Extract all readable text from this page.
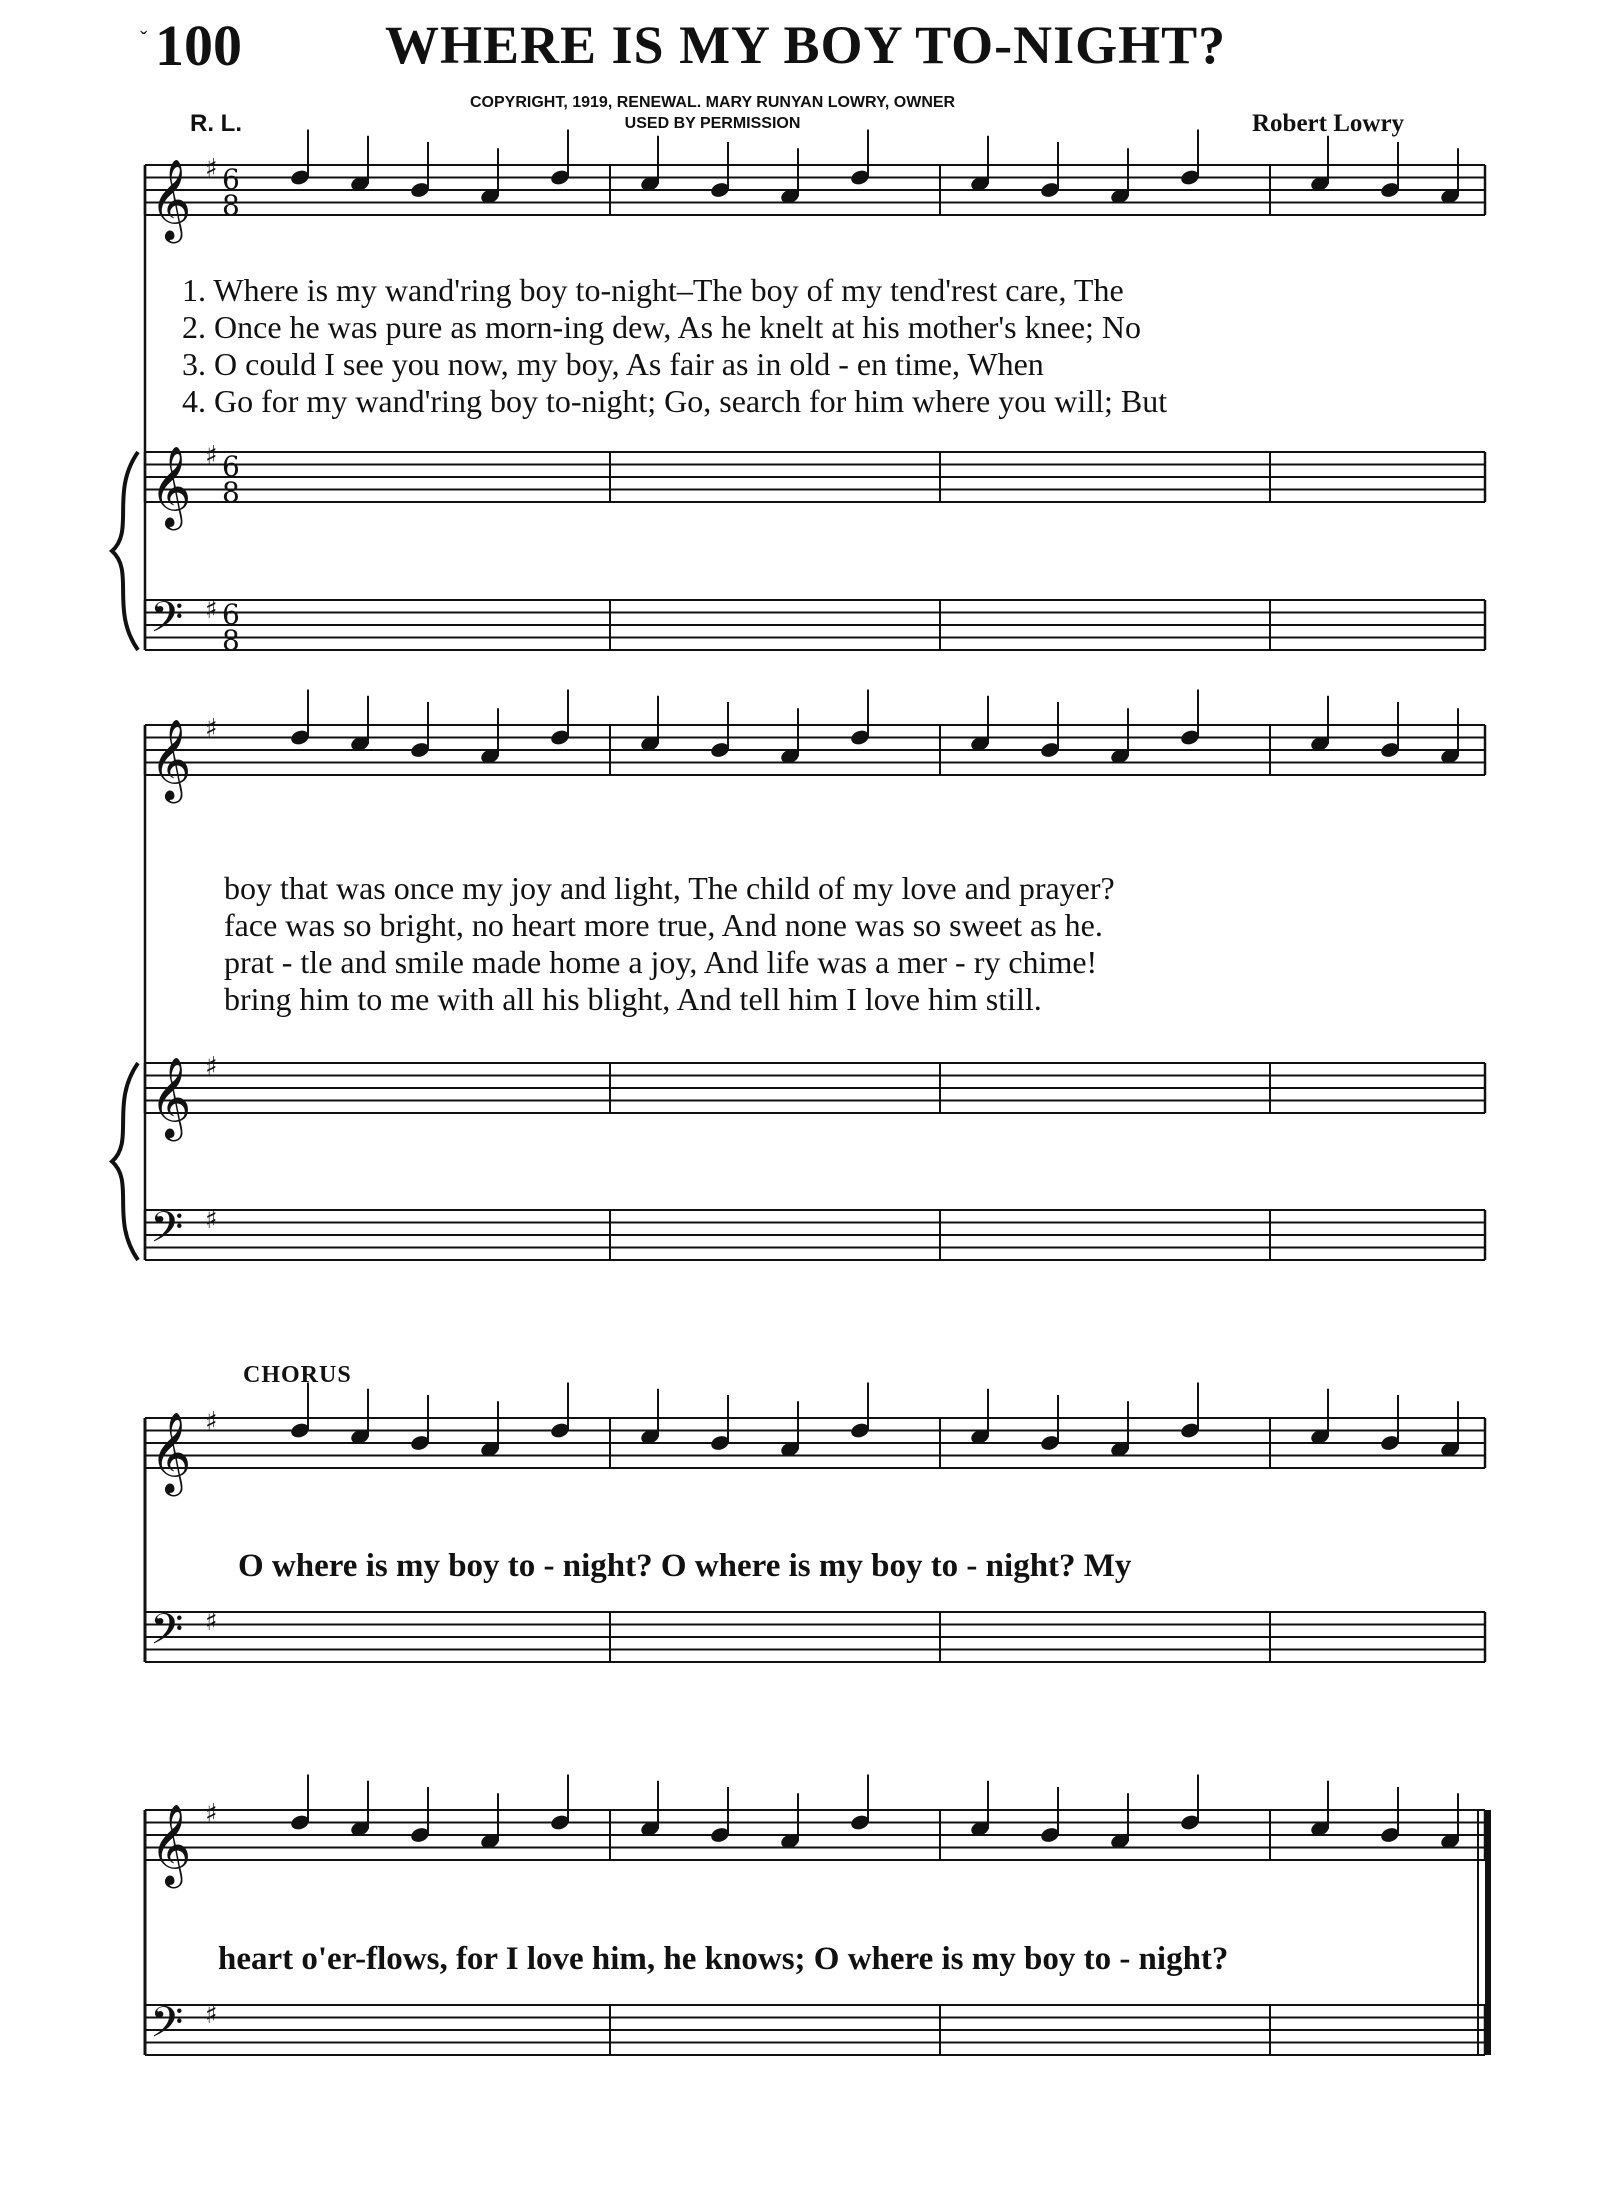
ˇ 100	WHERE IS MY BOY TO-NIGHT?
COPYRIGHT, 1919, RENEWAL. MARY RUNYAN LOWRY, OWNER
USED BY PERMISSION
R. L.	Robert Lowry
𝄞 ♯
𝄞 ♯
𝄢 ♯
6
8
6
8
6
8
𝄞 ♯
𝄞 ♯
𝄢 ♯
𝄞 ♯
𝄢 ♯
𝄞 ♯
𝄢 ♯
1. Where is my wand'ring boy to-night–The boy of my tend'rest care, The
2. Once he was pure as morn-ing dew, As he knelt at his mother's knee; No
3. O could I see you now, my boy, As fair as in old - en time, When
4. Go for my wand'ring boy to-night; Go, search for him where you will; But
boy that was once my joy and light, The child of my love and prayer?
face was so bright, no heart more true, And none was so sweet as he.
prat - tle and smile made home a joy, And life was a mer - ry chime!
bring him to me with all his blight, And tell him I love him still.
CHORUS
O where is my boy to - night? O where is my boy to - night? My
heart o'er-flows, for I love him, he knows; O where is my boy to - night?
